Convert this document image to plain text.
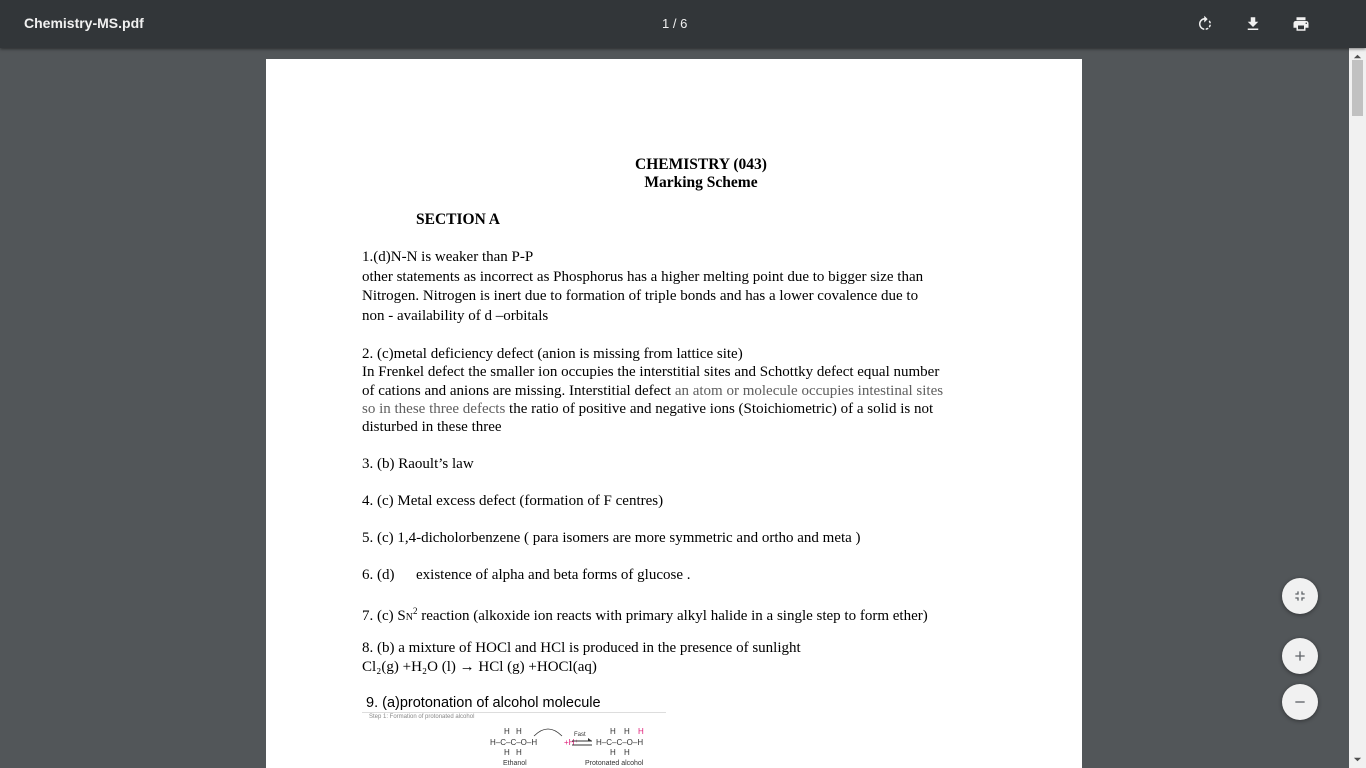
Chemistry-MS.pdf	1 / 6
CHEMISTRY (043)
Marking Scheme
SECTION A
1.(d)N-N is weaker than P-P
other statements as incorrect as Phosphorus has a higher melting point due to bigger size than
Nitrogen. Nitrogen is inert due to formation of triple bonds and has a lower covalence due to
non - availability of d –orbitals
2. (c)metal deficiency defect (anion is missing from lattice site)
In Frenkel defect the smaller ion occupies the interstitial sites and Schottky defect equal number
of cations and anions are missing. Interstitial defect an atom or molecule occupies intestinal sites
so in these three defects the ratio of positive and negative ions (Stoichiometric) of a solid is not
disturbed in these three
3. (b) Raoult’s law
4. (c) Metal excess defect (formation of F centres)
5. (c) 1,4-dicholorbenzene ( para isomers are more symmetric and ortho and meta )
6. (d) existence of alpha and beta forms of glucose .
7. (c) $SN^2$ reaction (alkoxide ion reacts with primary alkyl halide in a single step to form ether)
8. (b) a mixture of HOCl and HCl is produced in the presence of sunlight
Cl₂(g) +H₂O (l) → HCl (g) +HOCl(aq)
9. (a)protonation of alcohol molecule
Step 1: Formation of protonated alcohol
H H
H–C–C–O–H
H H
+H⁺
H H H
H–C–C–O–H
H H
Fast
Ethanol	Protonated alcohol
